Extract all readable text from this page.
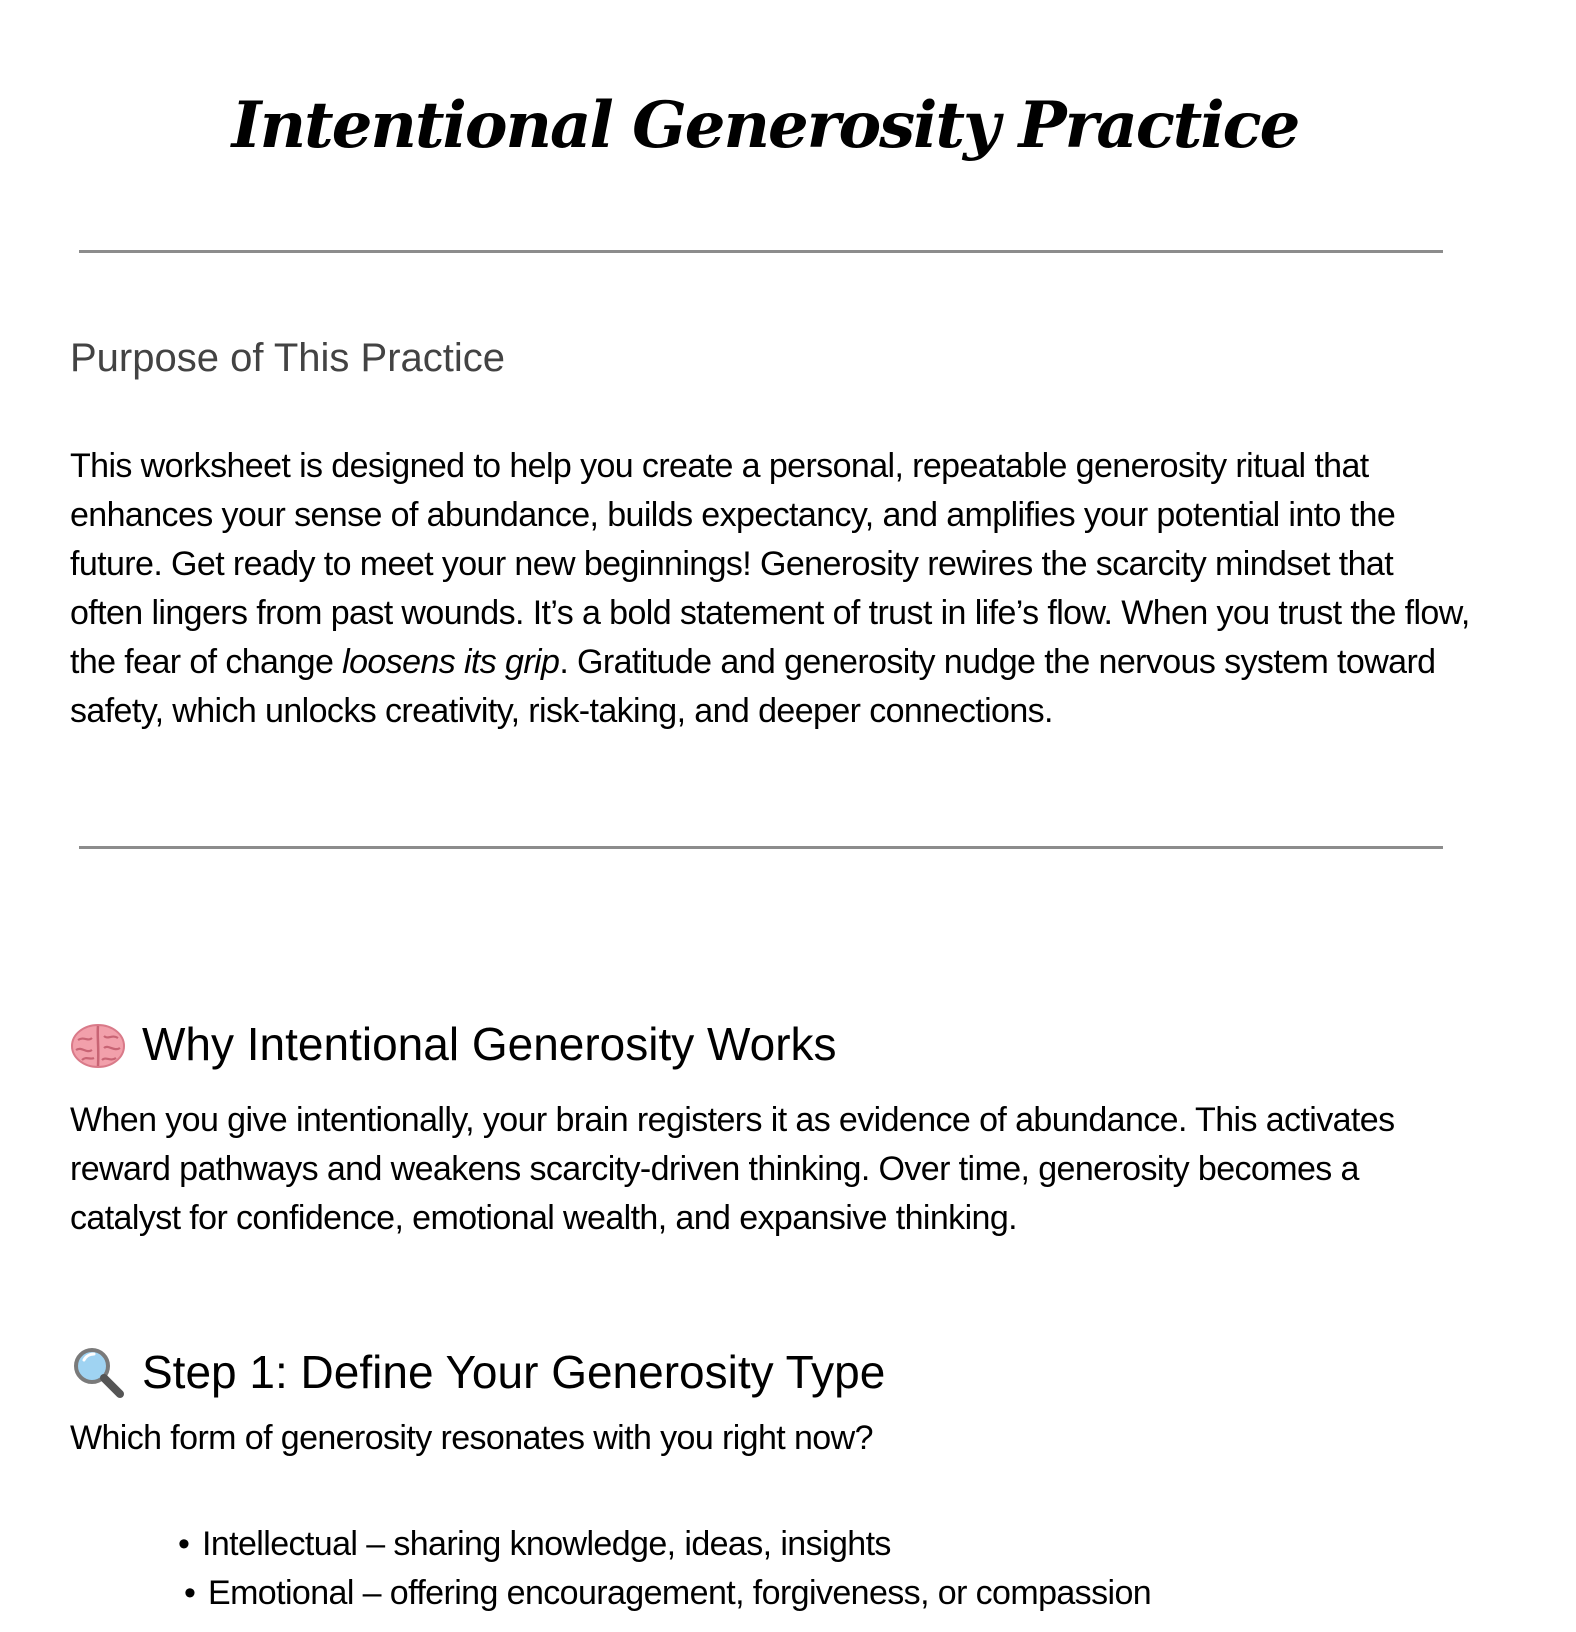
Intentional Generosity Practice
Purpose of This Practice

This worksheet is designed to help you create a personal, repeatable generosity ritual that enhances your sense of abundance, builds expectancy, and amplifies your potential into the future. Get ready to meet your new beginnings! Generosity rewires the scarcity mindset that often lingers from past wounds. It’s a bold statement of trust in life’s flow. When you trust the flow, the fear of change loosens its grip. Gratitude and generosity nudge the nervous system toward safety, which unlocks creativity, risk-taking, and deeper connections.

Why Intentional Generosity Works

When you give intentionally, your brain registers it as evidence of abundance. This activates reward pathways and weakens scarcity-driven thinking. Over time, generosity becomes a catalyst for confidence, emotional wealth, and expansive thinking.

Step 1: Define Your Generosity Type

Which form of generosity resonates with you right now?

• Intellectual – sharing knowledge, ideas, insights
• Emotional – offering encouragement, forgiveness, or compassion
